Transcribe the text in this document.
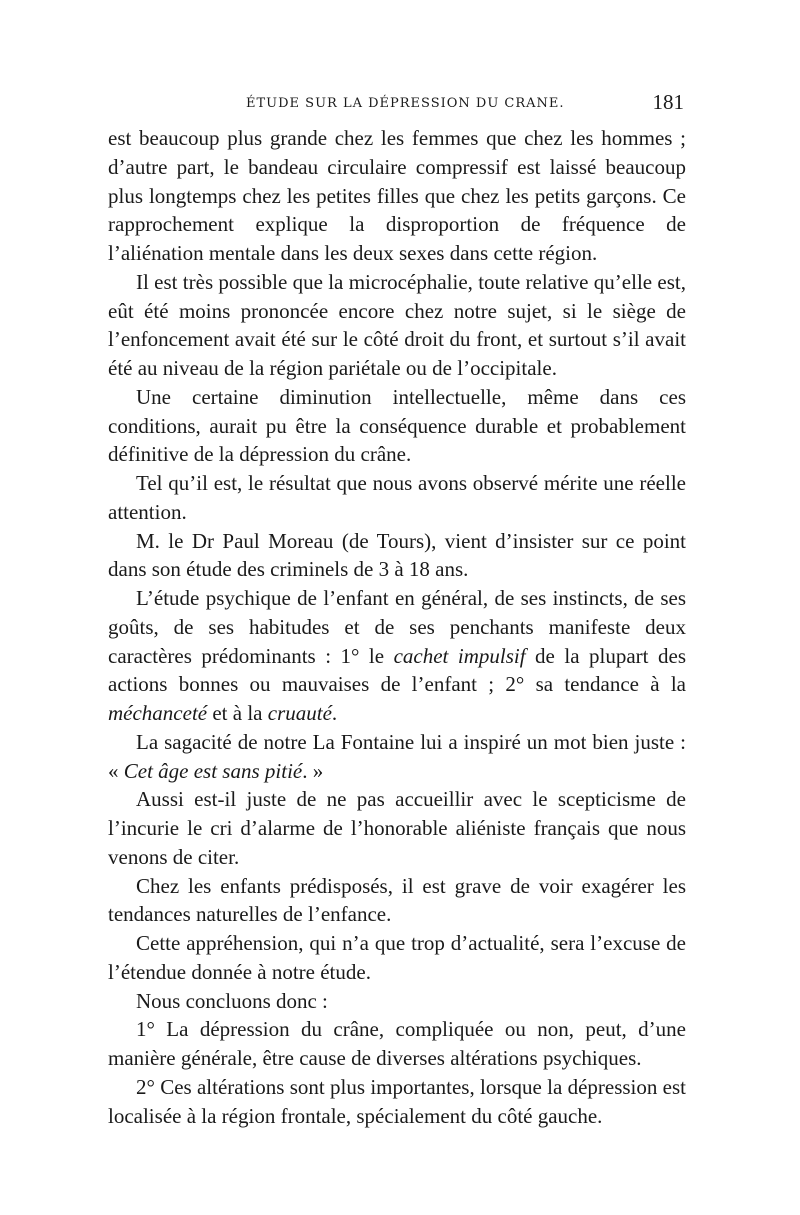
ÉTUDE SUR LA DÉPRESSION DU CRANE.	181

est beaucoup plus grande chez les femmes que chez les hommes ; d’autre part, le bandeau circulaire compressif est laissé beaucoup plus longtemps chez les petites filles que chez les petits garçons. Ce rapprochement explique la disproportion de fréquence de l’aliénation mentale dans les deux sexes dans cette région.

Il est très possible que la microcéphalie, toute relative qu’elle est, eût été moins prononcée encore chez notre sujet, si le siège de l’enfoncement avait été sur le côté droit du front, et surtout s’il avait été au niveau de la région pariétale ou de l’occipitale.

Une certaine diminution intellectuelle, même dans ces conditions, aurait pu être la conséquence durable et probablement définitive de la dépression du crâne.

Tel qu’il est, le résultat que nous avons observé mérite une réelle attention.

M. le Dr Paul Moreau (de Tours), vient d’insister sur ce point dans son étude des criminels de 3 à 18 ans.

L’étude psychique de l’enfant en général, de ses instincts, de ses goûts, de ses habitudes et de ses penchants manifeste deux caractères prédominants : 1° le cachet impulsif de la plupart des actions bonnes ou mauvaises de l’enfant ; 2° sa tendance à la méchanceté et à la cruauté.

La sagacité de notre La Fontaine lui a inspiré un mot bien juste : « Cet âge est sans pitié. »

Aussi est-il juste de ne pas accueillir avec le scepticisme de l’incurie le cri d’alarme de l’honorable aliéniste français que nous venons de citer.

Chez les enfants prédisposés, il est grave de voir exagérer les tendances naturelles de l’enfance.

Cette appréhension, qui n’a que trop d’actualité, sera l’excuse de l’étendue donnée à notre étude.

Nous concluons donc :

1° La dépression du crâne, compliquée ou non, peut, d’une manière générale, être cause de diverses altérations psychiques.

2° Ces altérations sont plus importantes, lorsque la dépression est localisée à la région frontale, spécialement du côté gauche.
